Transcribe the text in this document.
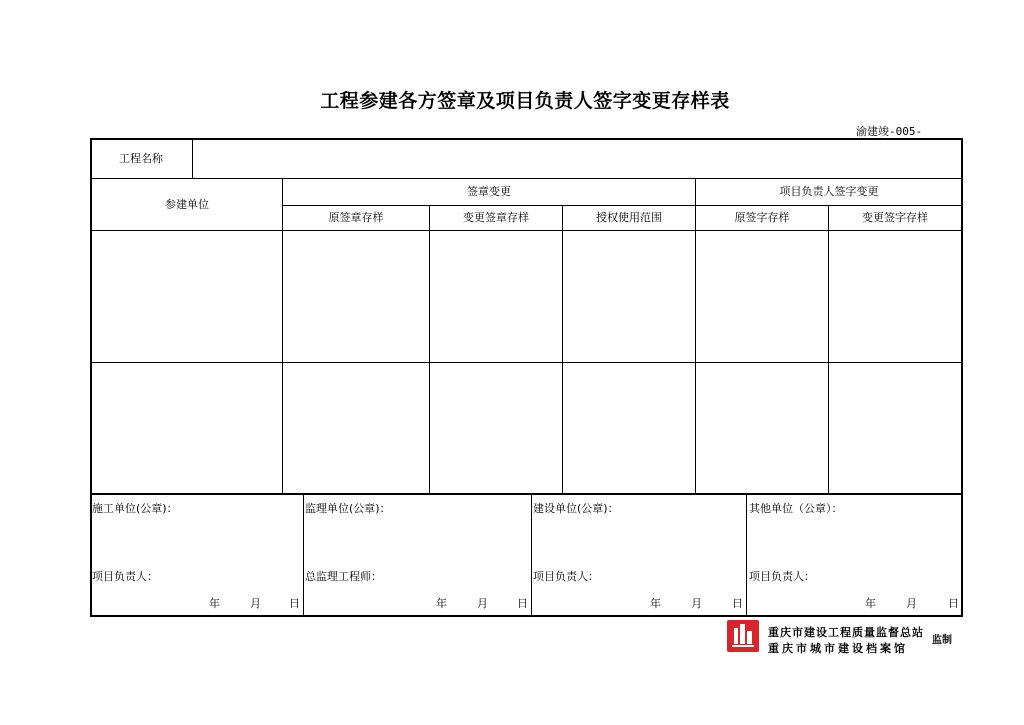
工程参建各方签章及项目负责人签字变更存样表
渝建竣-005-
工程名称
参建单位
签章变更	项目负责人签字变更
原签章存样	变更签章存样	授权使用范围	原签字存样	变更签字存样
施工单位(公章)：
项目负责人：
年	月	日
监理单位(公章)：
总监理工程师：
年	月	日
建设单位(公章)：
项目负责人：
年	月	日
其他单位（公章）：
项目负责人：
年	月	日
重庆市建设工程质量监督总站
重庆市城市建设档案馆
监制
